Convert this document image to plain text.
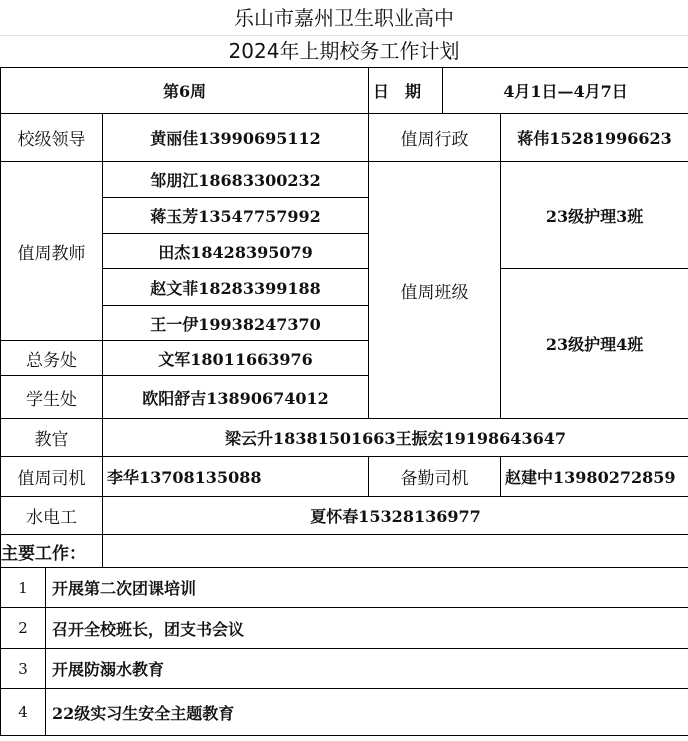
乐山市嘉州卫生职业高中
2024年上期校务工作计划
第6周			日　期	4月1日—4月7日	
校级领导		黄丽佳13990695112	值周行政		蒋伟15281996623
值周教师		邹朋江18683300232	值周班级		23级护理3班
		蒋玉芳13547757992			
		田杰18428395079			
		赵文菲18283399188			23级护理4班
		王一伊19938247370			
总务处		文军18011663976			
学生处		欧阳舒吉13890674012			
教官		梁云升18381501663王振宏19198643647			
值周司机		李华13708135088	备勤司机		赵建中13980272859
水电工		夏怀春15328136977			
主要工作：					
1	开展第二次团课培训				
2	召开全校班长，团支书会议				
3	开展防溺水教育				
4	22级实习生安全主题教育				
